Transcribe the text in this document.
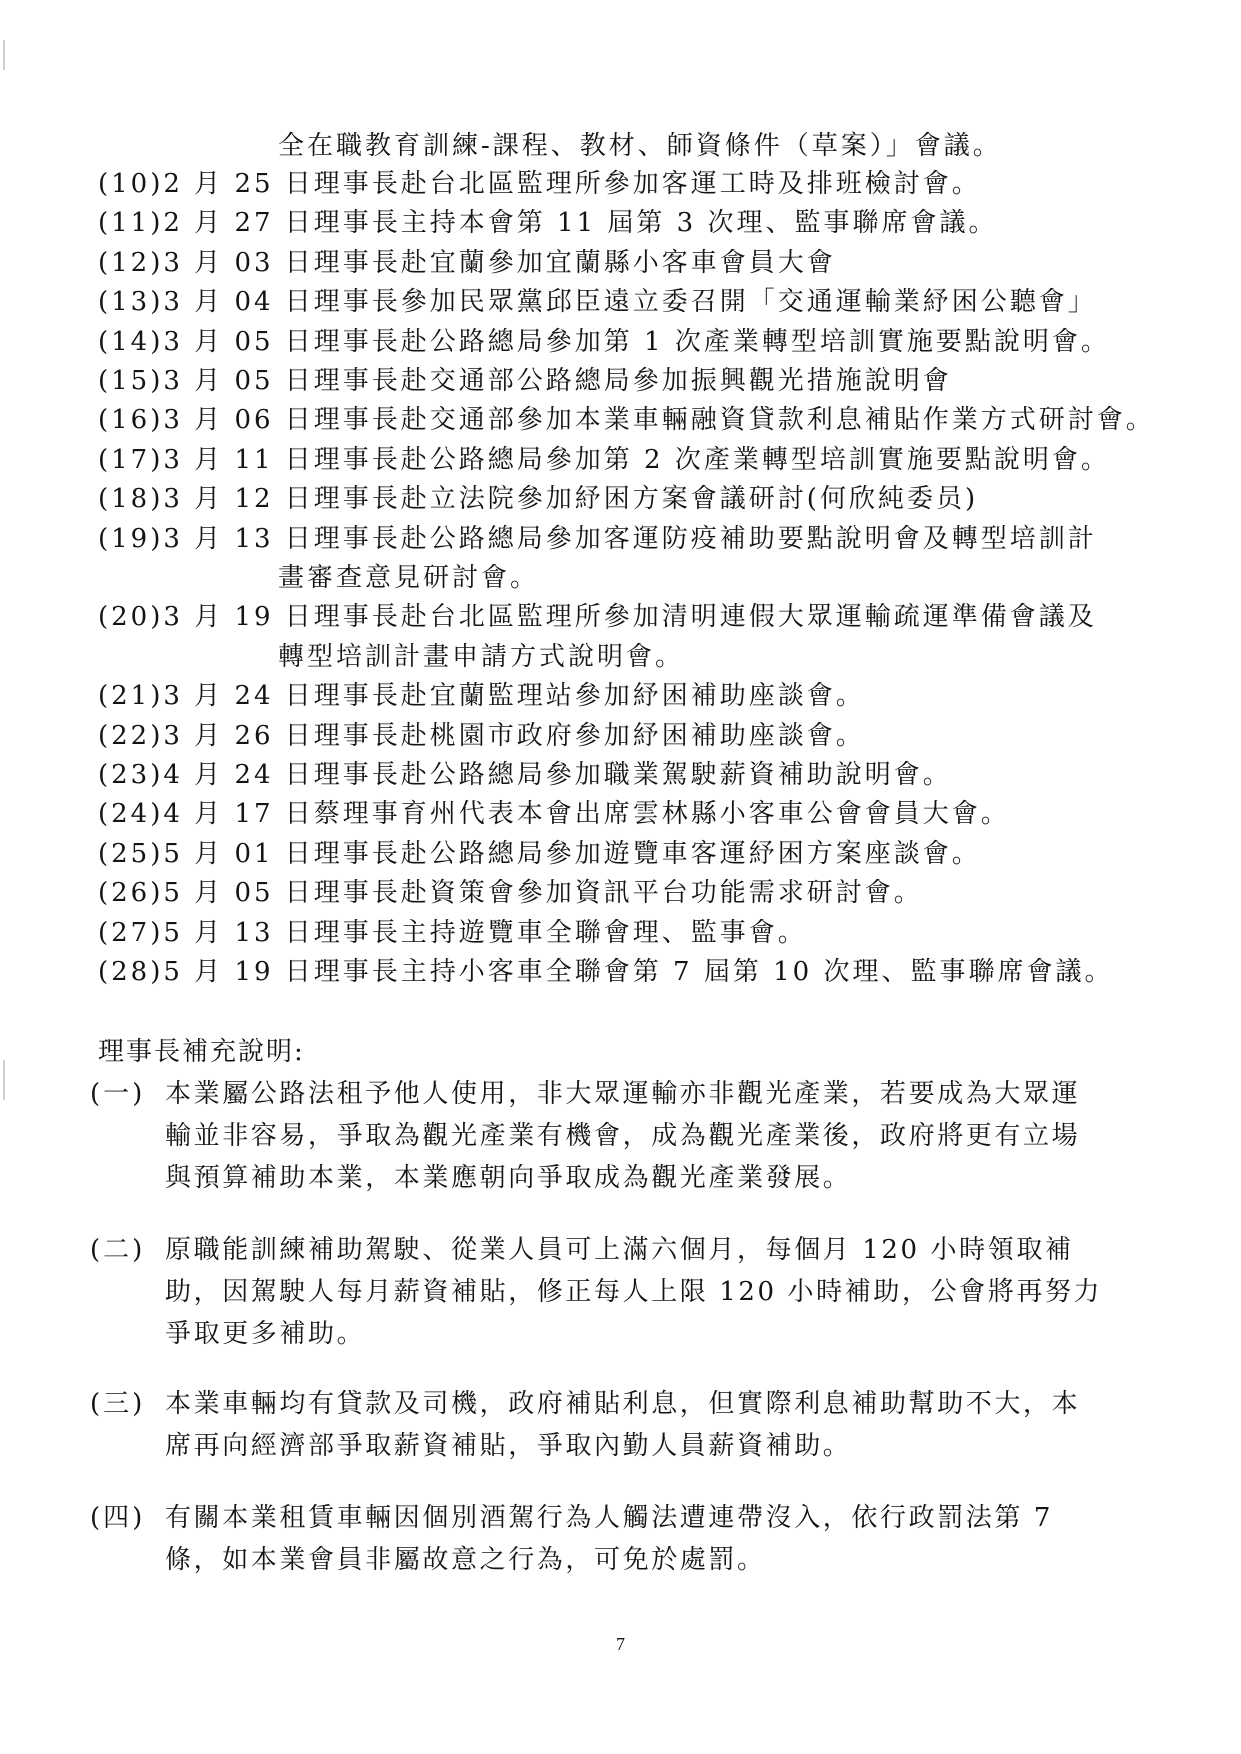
全在職教育訓練-課程、教材、師資條件（草案）」會議。
(10)2 月 25 日理事長赴台北區監理所參加客運工時及排班檢討會。
(11)2 月 27 日理事長主持本會第 11 屆第 3 次理、監事聯席會議。
(12)3 月 03 日理事長赴宜蘭參加宜蘭縣小客車會員大會
(13)3 月 04 日理事長參加民眾黨邱臣遠立委召開「交通運輸業紓困公聽會」
(14)3 月 05 日理事長赴公路總局參加第 1 次產業轉型培訓實施要點說明會。
(15)3 月 05 日理事長赴交通部公路總局參加振興觀光措施說明會
(16)3 月 06 日理事長赴交通部參加本業車輛融資貸款利息補貼作業方式研討會。
(17)3 月 11 日理事長赴公路總局參加第 2 次產業轉型培訓實施要點說明會。
(18)3 月 12 日理事長赴立法院參加紓困方案會議研討(何欣純委员)
(19)3 月 13 日理事長赴公路總局參加客運防疫補助要點說明會及轉型培訓計
畫審查意見研討會。
(20)3 月 19 日理事長赴台北區監理所參加清明連假大眾運輸疏運準備會議及
轉型培訓計畫申請方式說明會。
(21)3 月 24 日理事長赴宜蘭監理站參加紓困補助座談會。
(22)3 月 26 日理事長赴桃園市政府參加紓困補助座談會。
(23)4 月 24 日理事長赴公路總局參加職業駕駛薪資補助說明會。
(24)4 月 17 日蔡理事育州代表本會出席雲林縣小客車公會會員大會。
(25)5 月 01 日理事長赴公路總局參加遊覽車客運紓困方案座談會。
(26)5 月 05 日理事長赴資策會參加資訊平台功能需求研討會。
(27)5 月 13 日理事長主持遊覽車全聯會理、監事會。
(28)5 月 19 日理事長主持小客車全聯會第 7 屆第 10 次理、監事聯席會議。
理事長補充說明:
(一) 本業屬公路法租予他人使用，非大眾運輸亦非觀光產業，若要成為大眾運
輸並非容易，爭取為觀光產業有機會，成為觀光產業後，政府將更有立場
與預算補助本業，本業應朝向爭取成為觀光產業發展。
(二) 原職能訓練補助駕駛、從業人員可上滿六個月，每個月 120 小時領取補
助，因駕駛人每月薪資補貼，修正每人上限 120 小時補助，公會將再努力
爭取更多補助。
(三) 本業車輛均有貸款及司機，政府補貼利息，但實際利息補助幫助不大，本
席再向經濟部爭取薪資補貼，爭取內勤人員薪資補助。
(四) 有關本業租賃車輛因個別酒駕行為人觸法遭連帶沒入，依行政罰法第 7
條，如本業會員非屬故意之行為，可免於處罰。
7
